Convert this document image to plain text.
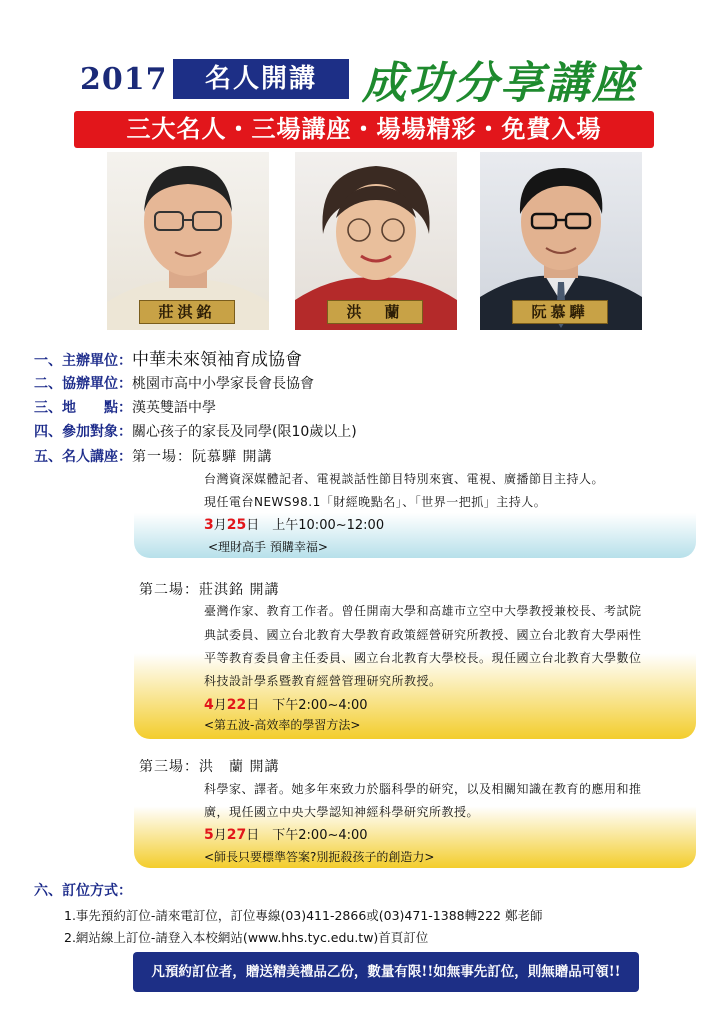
2017	名人開講	成功分享講座
三大名人・三場講座・場場精彩・免費入場
莊淇銘	洪　蘭	阮慕驊
一、主辦單位：中華未來領袖育成協會
二、協辦單位：桃園市高中小學家長會長協會
三、地　　點：漢英雙語中學
四、參加對象：關心孩子的家長及同學(限10歲以上)
五、名人講座：第一場：阮慕驊 開講
台灣資深媒體記者、電視談話性節目特別來賓、電視、廣播節目主持人。
現任電台NEWS98.1「財經晚點名」、「世界一把抓」主持人。
3月25日　上午10:00~12:00
<理財高手 預購幸福>
第二場：莊淇銘 開講
臺灣作家、教育工作者。曾任開南大學和高雄市立空中大學教授兼校長、考試院
典試委員、國立台北教育大學教育政策經營研究所教授、國立台北教育大學兩性
平等教育委員會主任委員、國立台北教育大學校長。現任國立台北教育大學數位
科技設計學系暨教育經營管理研究所教授。
4月22日　下午2:00~4:00
<第五波-高效率的學習方法>
第三場：洪　蘭 開講
科學家、譯者。她多年來致力於腦科學的研究，以及相關知識在教育的應用和推
廣，現任國立中央大學認知神經科學研究所教授。
5月27日　下午2:00~4:00
<師長只要標準答案?別扼殺孩子的創造力>
六、訂位方式：
1.事先預約訂位-請來電訂位，訂位專線(03)411-2866或(03)471-1388轉222 鄭老師
2.網站線上訂位-請登入本校網站(www.hhs.tyc.edu.tw)首頁訂位
凡預約訂位者，贈送精美禮品乙份，數量有限!!如無事先訂位，則無贈品可領!!
